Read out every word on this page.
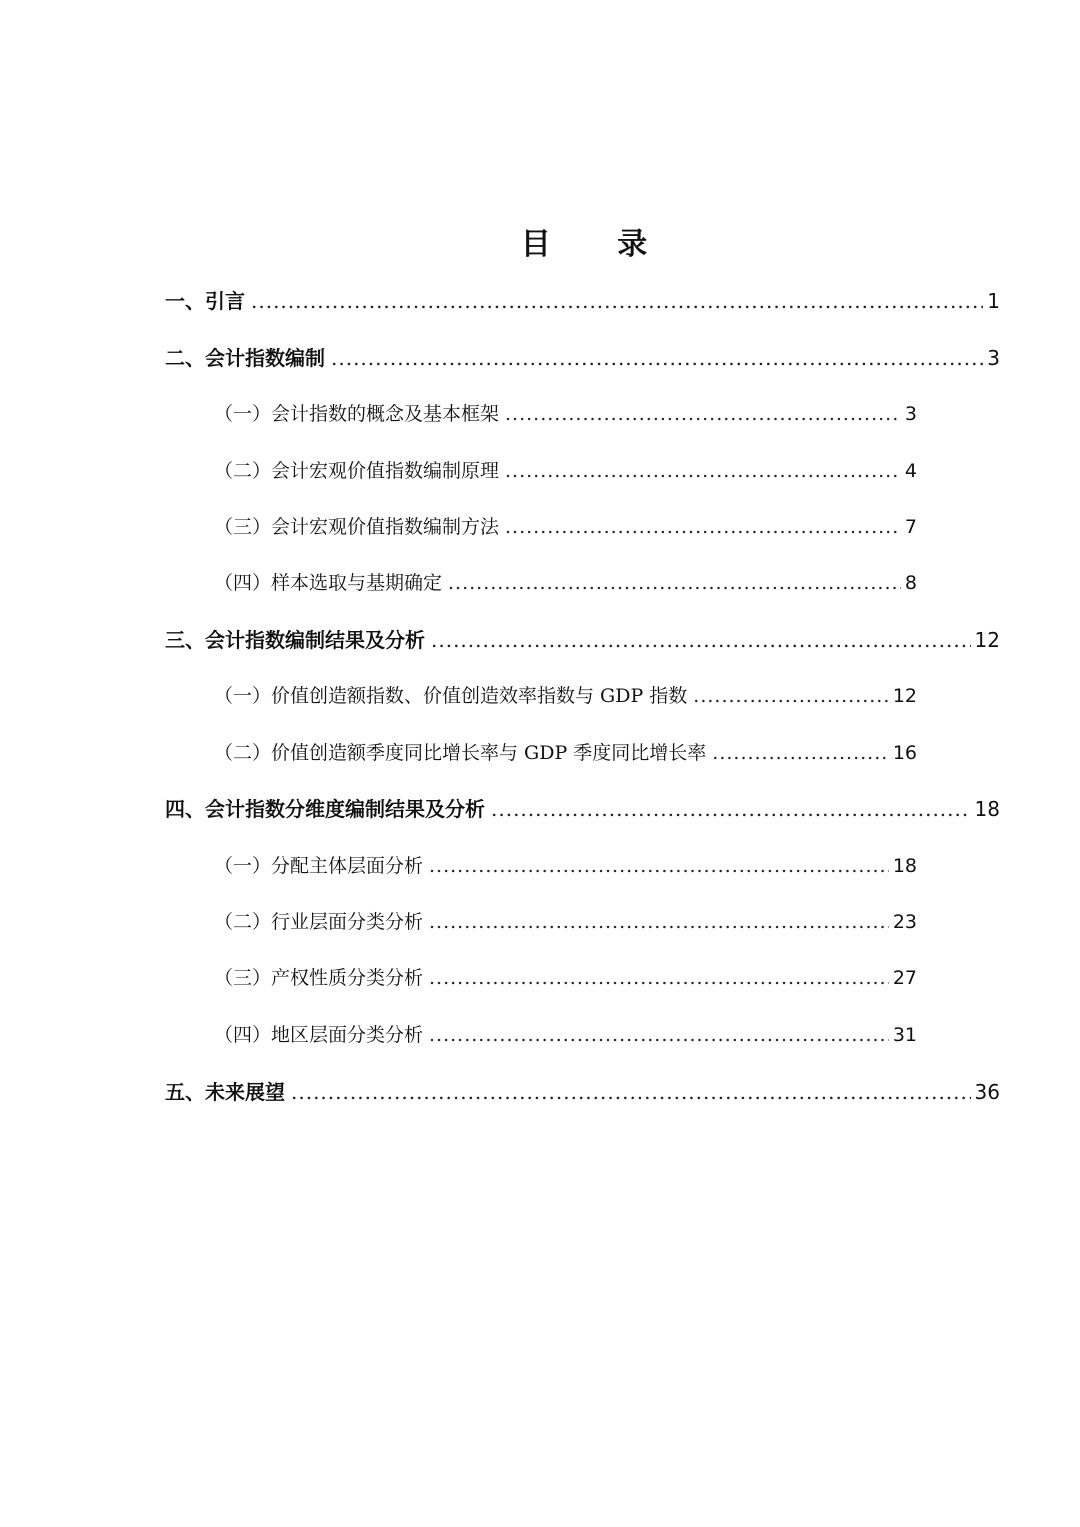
目 录
一、引言 .....	1
二、会计指数编制 .....	3
（一）会计指数的概念及基本框架 .....	3
（二）会计宏观价值指数编制原理 .....	4
（三）会计宏观价值指数编制方法 .....	7
（四）样本选取与基期确定 .....	8
三、会计指数编制结果及分析 .....	12
（一）价值创造额指数、价值创造效率指数与 GDP 指数 .....	12
（二）价值创造额季度同比增长率与 GDP 季度同比增长率 .....	16
四、会计指数分维度编制结果及分析 .....	18
（一）分配主体层面分析 .....	18
（二）行业层面分类分析 .....	23
（三）产权性质分类分析 .....	27
（四）地区层面分类分析 .....	31
五、未来展望 .....	36
